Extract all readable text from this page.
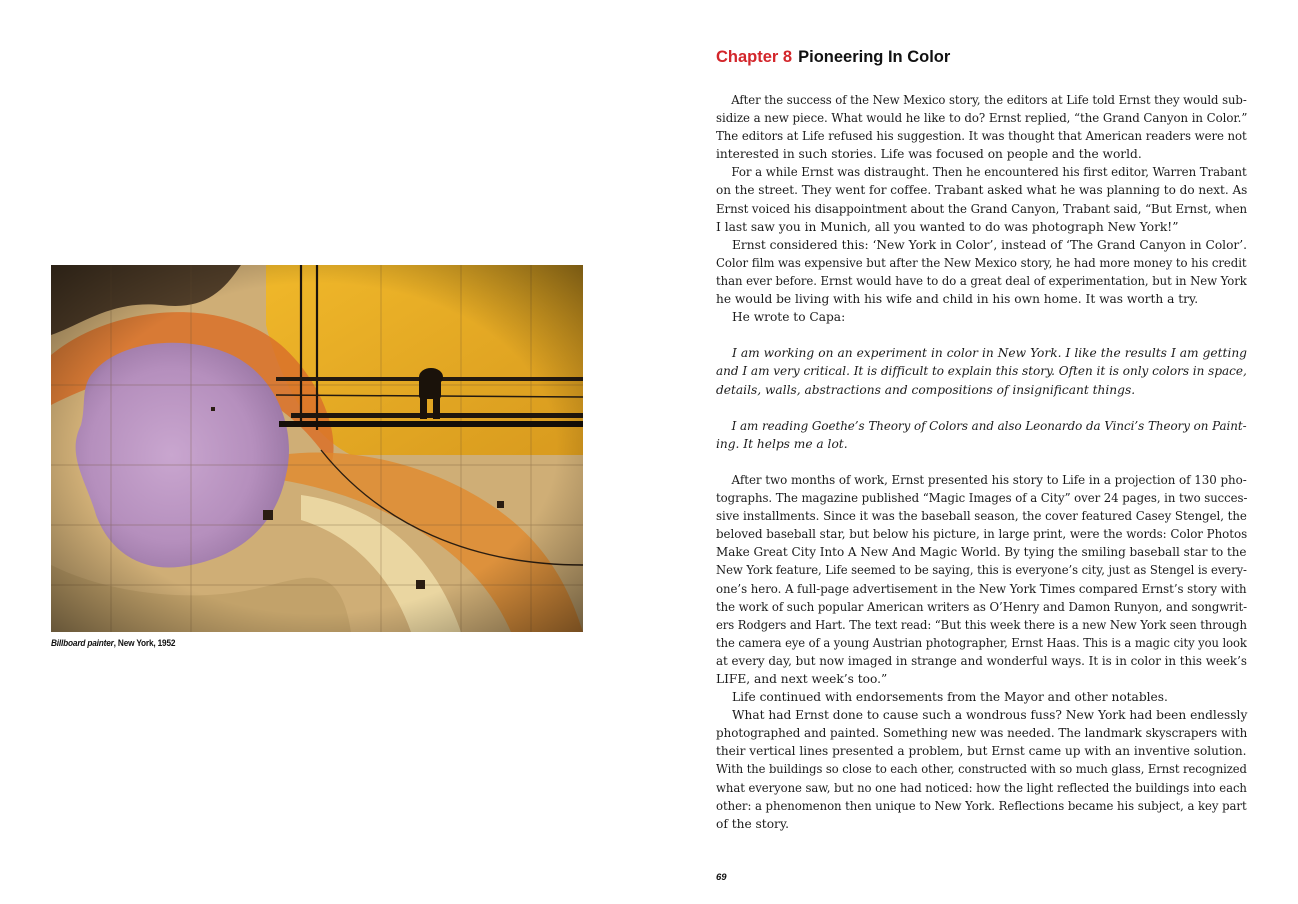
Billboard painter, New York, 1952
Chapter 8 Pioneering In Color
After the success of the New Mexico story, the editors at Life told Ernst they would sub-
sidize a new piece. What would he like to do? Ernst replied, “the Grand Canyon in Color.”
The editors at Life refused his suggestion. It was thought that American readers were not
interested in such stories. Life was focused on people and the world.
For a while Ernst was distraught. Then he encountered his first editor, Warren Trabant
on the street. They went for coffee. Trabant asked what he was planning to do next. As
Ernst voiced his disappointment about the Grand Canyon, Trabant said, “But Ernst, when
I last saw you in Munich, all you wanted to do was photograph New York!”
Ernst considered this: ‘New York in Color’, instead of ‘The Grand Canyon in Color’.
Color film was expensive but after the New Mexico story, he had more money to his credit
than ever before. Ernst would have to do a great deal of experimentation, but in New York
he would be living with his wife and child in his own home. It was worth a try.
He wrote to Capa:
I am working on an experiment in color in New York. I like the results I am getting
and I am very critical. It is difficult to explain this story. Often it is only colors in space,
details, walls, abstractions and compositions of insignificant things.
I am reading Goethe’s Theory of Colors and also Leonardo da Vinci’s Theory on Paint-
ing. It helps me a lot.
After two months of work, Ernst presented his story to Life in a projection of 130 pho-
tographs. The magazine published “Magic Images of a City” over 24 pages, in two succes-
sive installments. Since it was the baseball season, the cover featured Casey Stengel, the
beloved baseball star, but below his picture, in large print, were the words: Color Photos
Make Great City Into A New And Magic World. By tying the smiling baseball star to the
New York feature, Life seemed to be saying, this is everyone’s city, just as Stengel is every-
one’s hero. A full-page advertisement in the New York Times compared Ernst’s story with
the work of such popular American writers as O’Henry and Damon Runyon, and songwrit-
ers Rodgers and Hart. The text read: “But this week there is a new New York seen through
the camera eye of a young Austrian photographer, Ernst Haas. This is a magic city you look
at every day, but now imaged in strange and wonderful ways. It is in color in this week’s
LIFE, and next week’s too.”
Life continued with endorsements from the Mayor and other notables.
What had Ernst done to cause such a wondrous fuss? New York had been endlessly
photographed and painted. Something new was needed. The landmark skyscrapers with
their vertical lines presented a problem, but Ernst came up with an inventive solution.
With the buildings so close to each other, constructed with so much glass, Ernst recognized
what everyone saw, but no one had noticed: how the light reflected the buildings into each
other: a phenomenon then unique to New York. Reflections became his subject, a key part
of the story.
69
